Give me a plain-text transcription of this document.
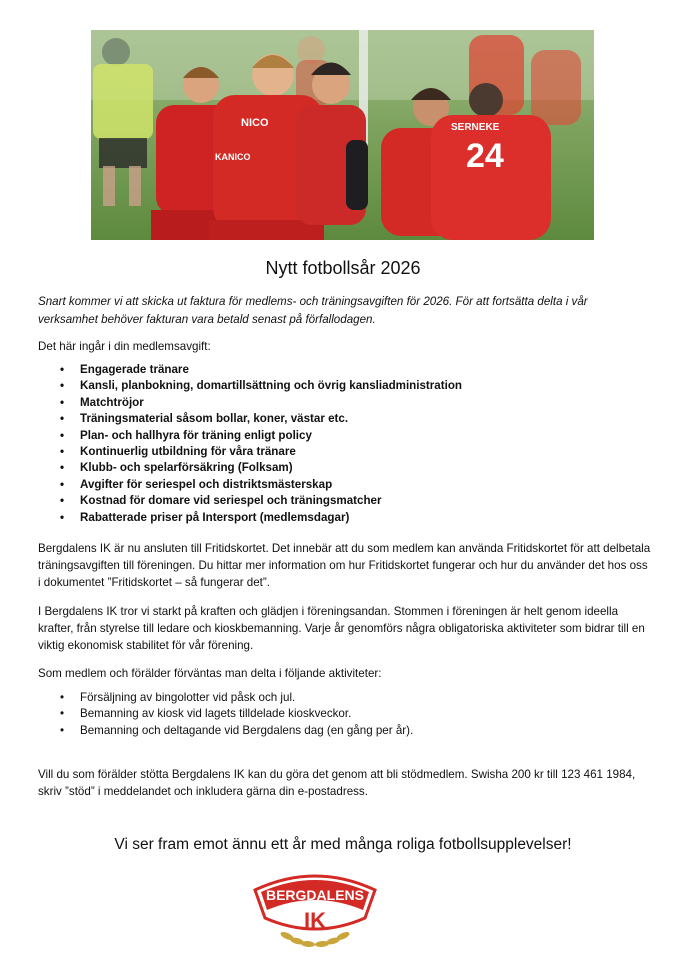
NICO
KANICO
SERNEKE
24
Nytt fotbollsår 2026
Snart kommer vi att skicka ut faktura för medlems- och träningsavgiften för 2026. För att fortsätta delta i vår verksamhet behöver fakturan vara betald senast på förfallodagen.
Det här ingår i din medlemsavgift:
• Engagerade tränare
• Kansli, planbokning, domartillsättning och övrig kansliadministration
• Matchtröjor
• Träningsmaterial såsom bollar, koner, västar etc.
• Plan- och hallhyra för träning enligt policy
• Kontinuerlig utbildning för våra tränare
• Klubb- och spelarförsäkring (Folksam)
• Avgifter för seriespel och distriktsmästerskap
• Kostnad för domare vid seriespel och träningsmatcher
• Rabatterade priser på Intersport (medlemsdagar)
Bergdalens IK är nu ansluten till Fritidskortet. Det innebär att du som medlem kan använda Fritidskortet för att delbetala träningsavgiften till föreningen. Du hittar mer information om hur Fritidskortet fungerar och hur du använder det hos oss i dokumentet ”Fritidskortet – så fungerar det”.
I Bergdalens IK tror vi starkt på kraften och glädjen i föreningsandan. Stommen i föreningen är helt genom ideella krafter, från styrelse till ledare och kioskbemanning. Varje år genomförs några obligatoriska aktiviteter som bidrar till en viktig ekonomisk stabilitet för vår förening.
Som medlem och förälder förväntas man delta i följande aktiviteter:
• Försäljning av bingolotter vid påsk och jul.
• Bemanning av kiosk vid lagets tilldelade kioskveckor.
• Bemanning och deltagande vid Bergdalens dag (en gång per år).
Vill du som förälder stötta Bergdalens IK kan du göra det genom att bli stödmedlem. Swisha 200 kr till 123 461 1984, skriv ”stöd” i meddelandet och inkludera gärna din e-postadress.
Vi ser fram emot ännu ett år med många roliga fotbollsupplevelser!
BERGDALENS
IK
